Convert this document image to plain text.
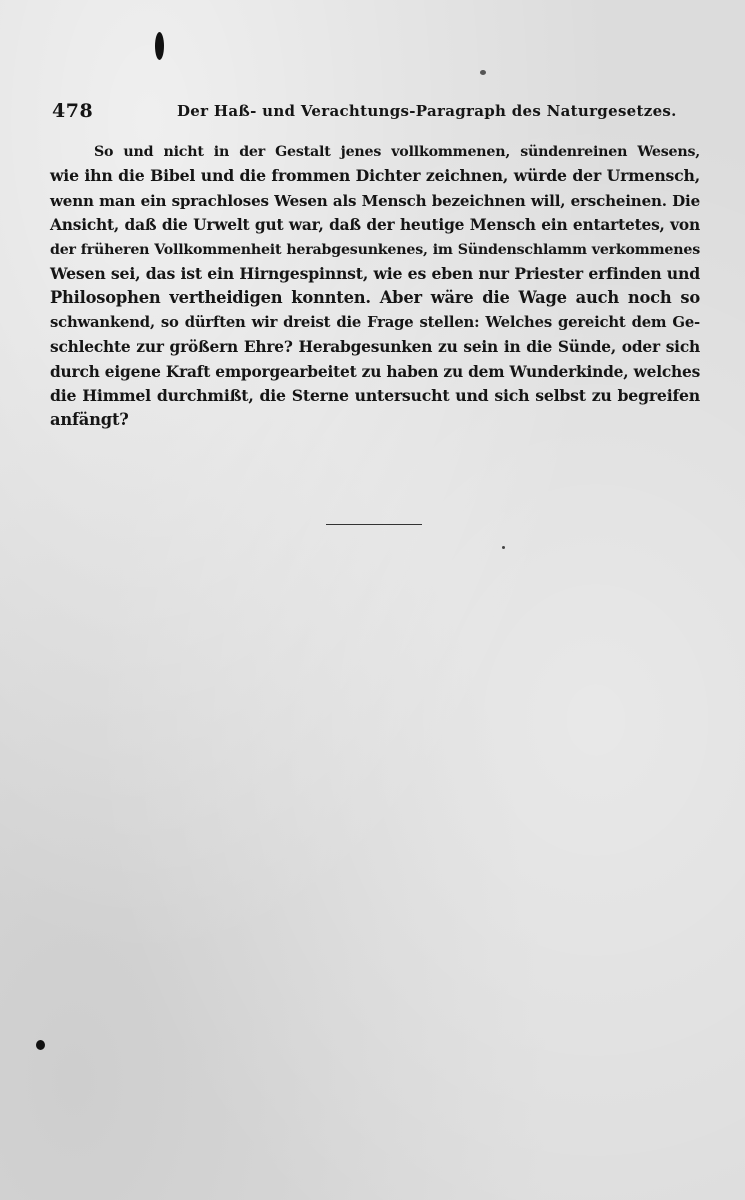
478	Der Haß- und Verachtungs-Paragraph des Naturgesetzes.
So und nicht in der Gestalt jenes vollkommenen, sündenreinen Wesens,
wie ihn die Bibel und die frommen Dichter zeichnen, würde der Urmensch,
wenn man ein sprachloses Wesen als Mensch bezeichnen will, erscheinen. Die
Ansicht, daß die Urwelt gut war, daß der heutige Mensch ein entartetes, von
der früheren Vollkommenheit herabgesunkenes, im Sündenschlamm verkommenes
Wesen sei, das ist ein Hirngespinnst, wie es eben nur Priester erfinden und
Philosophen vertheidigen konnten. Aber wäre die Wage auch noch so
schwankend, so dürften wir dreist die Frage stellen: Welches gereicht dem Ge-
schlechte zur größern Ehre? Herabgesunken zu sein in die Sünde, oder sich
durch eigene Kraft emporgearbeitet zu haben zu dem Wunderkinde, welches
die Himmel durchmißt, die Sterne untersucht und sich selbst zu begreifen
anfängt?
